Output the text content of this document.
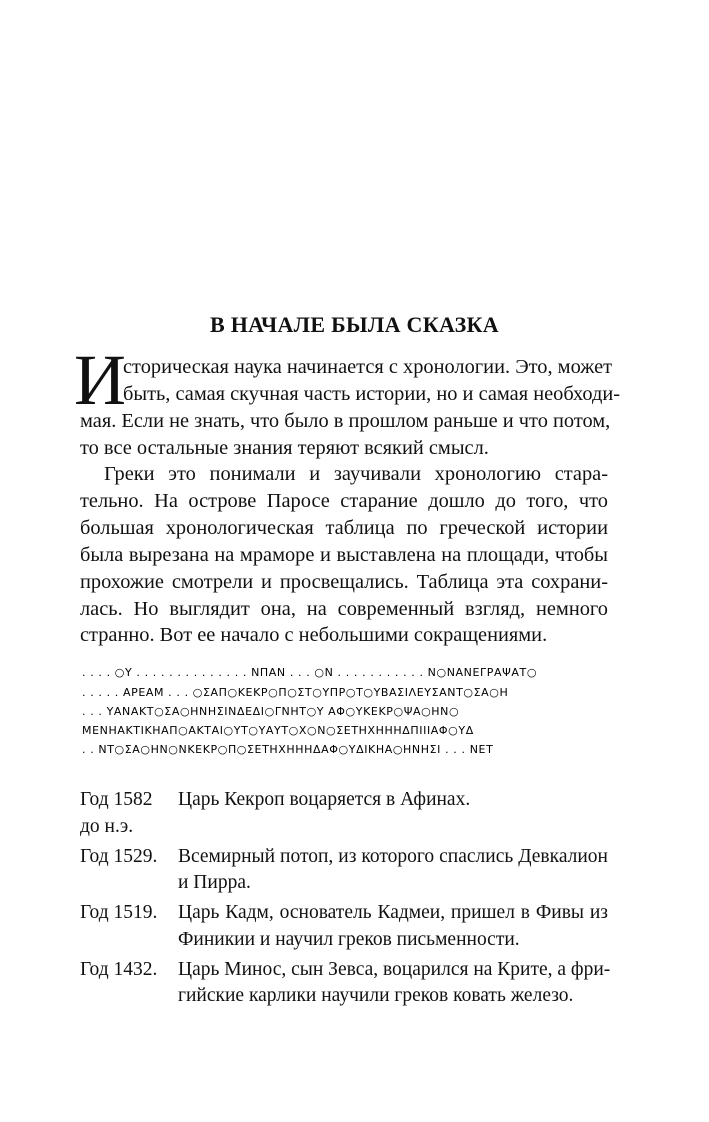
В НАЧАЛЕ БЫЛА СКАЗКА
И
сторическая наука начинается с хронологии. Это, может
быть, самая скучная часть истории, но и самая необходи-
мая. Если не знать, что было в прошлом раньше и что потом,
то все остальные знания теряют всякий смысл.
Греки это понимали и заучивали хронологию стара-
тельно. На острове Паросе старание дошло до того, что
большая хронологическая таблица по греческой истории
была вырезана на мраморе и выставлена на площади, чтобы
прохожие смотрели и просвещались. Таблица эта сохрани-
лась. Но выглядит она, на современный взгляд, немного
странно. Вот ее начало с небольшими сокращениями.
. . . . ○Υ . . . . . . . . . . . . . . ΝΠΑΝ . . . ○Ν . . . . . . . . . . . Ν○ΝΑΝΕΓΡΑΨΑΤ○
. . . . . ΑΡΕΑΜ . . . ○ΣΑΠ○ΚΕΚΡ○Π○ΣΤ○ΥΠΡ○Τ○ΥΒΑΣΙΛΕΥΣΑΝΤ○ΣΑ○Η
. . . ΥΑΝΑΚΤ○ΣΑ○ΗΝΗΣΙΝΔΕΔΙ○ΓΝΗΤ○Υ ΑΦ○ΥΚΕΚΡ○ΨΑ○ΗΝ○
ΜΕΝΗΑΚΤΙΚΗΑΠ○ΑΚΤΑΙ○ΥΤ○ΥΑΥΤ○Χ○Ν○ΣΕΤΗΧΗΗΗΔΠΙΙΙΑΦ○ΥΔ
. . ΝΤ○ΣΑ○ΗΝ○ΝΚΕΚΡ○Π○ΣΕΤΗΧΗΗΗΔΑΦ○ΥΔΙΚΗΑ○ΗΝΗΣΙ . . . ΝΕΤ
Год 1582
до н.э.
Царь Кекроп воцаряется в Афинах.
Год 1529. Всемирный потоп, из которого спаслись Девкалион
и Пирра.
Год 1519. Царь Кадм, основатель Кадмеи, пришел в Фивы из
Финикии и научил греков письменности.
Год 1432. Царь Минос, сын Зевса, воцарился на Крите, а фри-
гийские карлики научили греков ковать железо.
